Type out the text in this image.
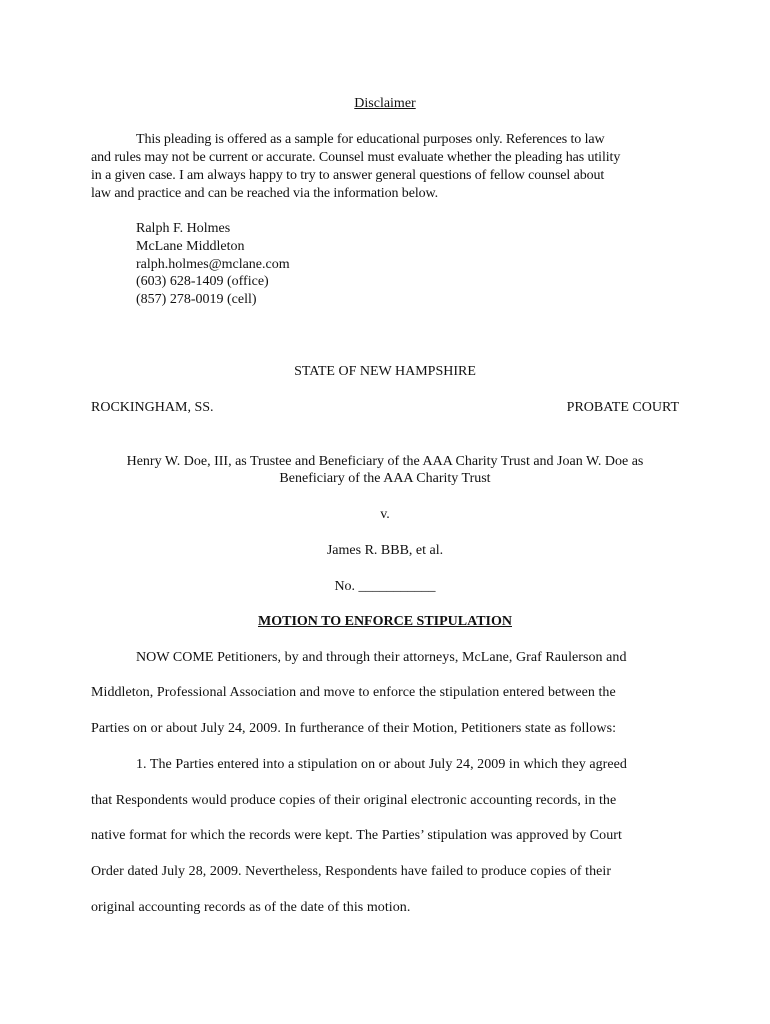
Disclaimer
This pleading is offered as a sample for educational purposes only. References to law
and rules may not be current or accurate. Counsel must evaluate whether the pleading has utility
in a given case. I am always happy to try to answer general questions of fellow counsel about
law and practice and can be reached via the information below.
Ralph F. Holmes
McLane Middleton
ralph.holmes@mclane.com
(603) 628-1409 (office)
(857) 278-0019 (cell)
STATE OF NEW HAMPSHIRE
ROCKINGHAM, SS.	PROBATE COURT
Henry W. Doe, III, as Trustee and Beneficiary of the AAA Charity Trust and Joan W. Doe as
Beneficiary of the AAA Charity Trust
v.
James R. BBB, et al.
No. ___________
MOTION TO ENFORCE STIPULATION
NOW COME Petitioners, by and through their attorneys, McLane, Graf Raulerson and
Middleton, Professional Association and move to enforce the stipulation entered between the
Parties on or about July 24, 2009. In furtherance of their Motion, Petitioners state as follows:
1. The Parties entered into a stipulation on or about July 24, 2009 in which they agreed
that Respondents would produce copies of their original electronic accounting records, in the
native format for which the records were kept. The Parties’ stipulation was approved by Court
Order dated July 28, 2009. Nevertheless, Respondents have failed to produce copies of their
original accounting records as of the date of this motion.
